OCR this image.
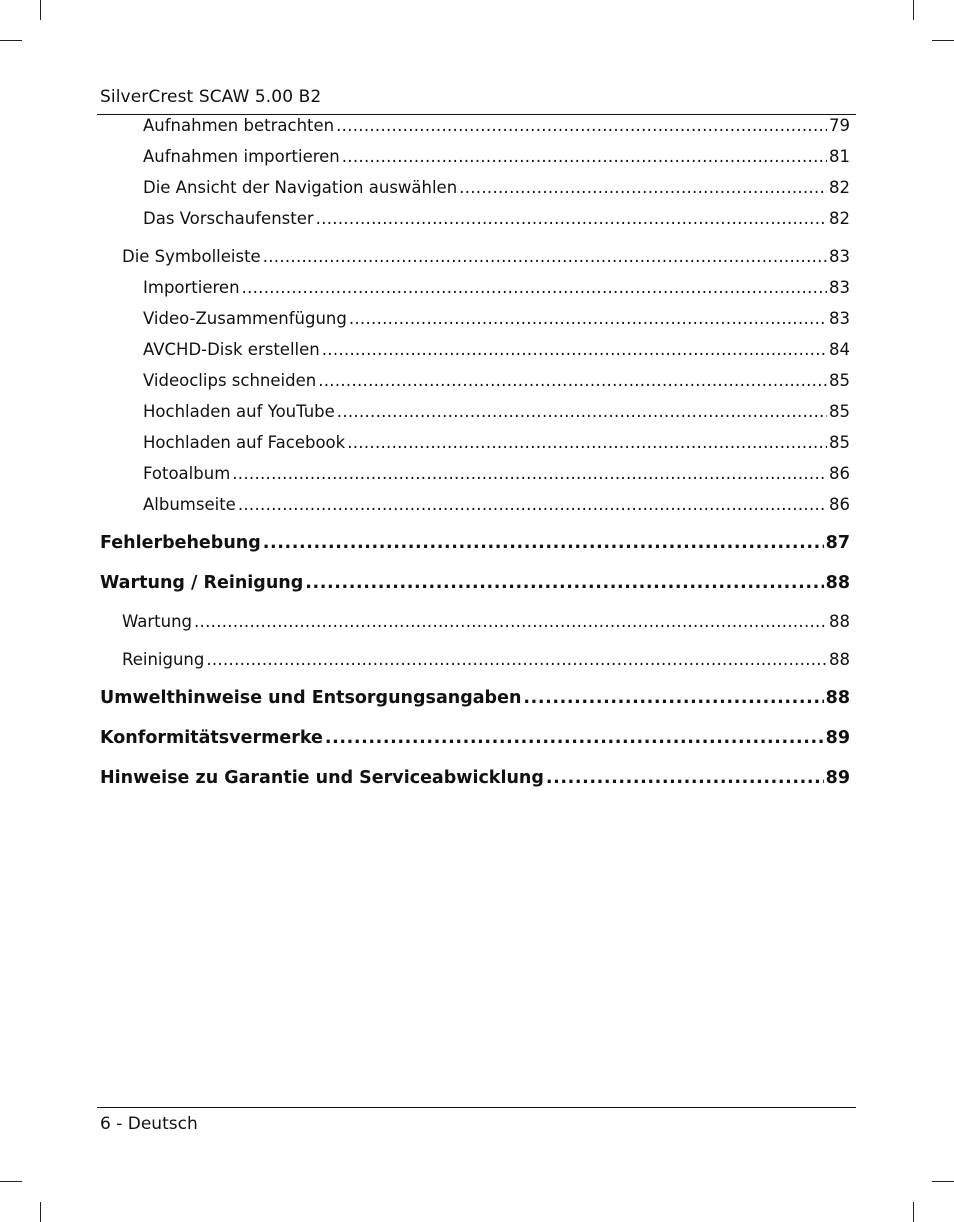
SilverCrest SCAW 5.00 B2
Aufnahmen betrachten .....	79
Aufnahmen importieren .....	81
Die Ansicht der Navigation auswählen .....	82
Das Vorschaufenster .....	82
Die Symbolleiste .....	83
Importieren .....	83
Video-Zusammenfügung .....	83
AVCHD-Disk erstellen .....	84
Videoclips schneiden .....	85
Hochladen auf YouTube .....	85
Hochladen auf Facebook .....	85
Fotoalbum .....	86
Albumseite .....	86
Fehlerbehebung .....	87
Wartung / Reinigung .....	88
Wartung .....	88
Reinigung .....	88
Umwelthinweise und Entsorgungsangaben .....	88
Konformitätsvermerke .....	89
Hinweise zu Garantie und Serviceabwicklung .....	89
6 - Deutsch
